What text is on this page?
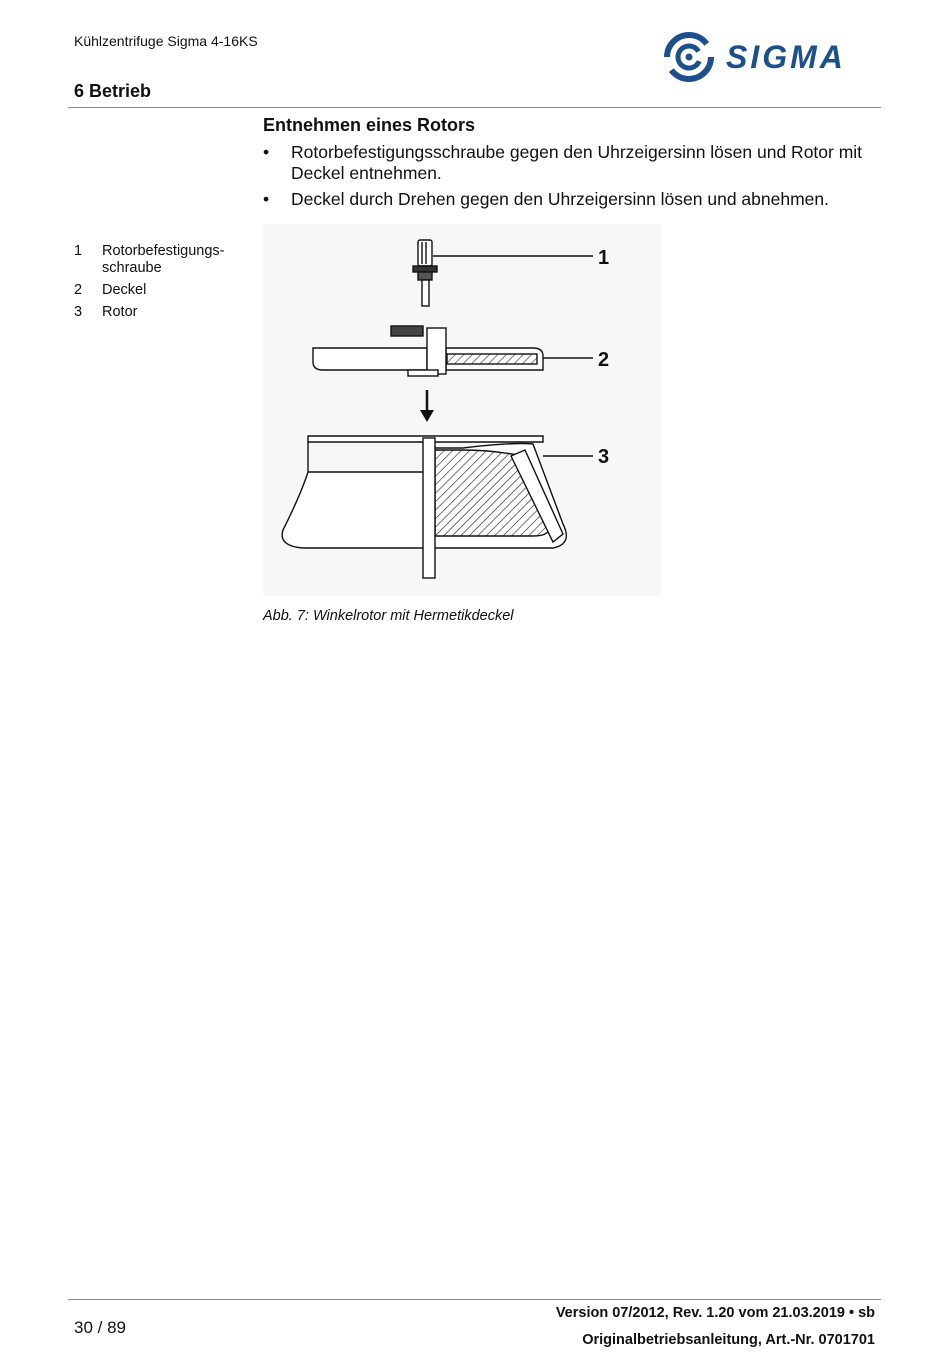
Kühlzentrifuge Sigma 4-16KS	SIGMA
6 Betrieb
Entnehmen eines Rotors
• Rotorbefestigungsschraube gegen den Uhrzeigersinn lösen und Rotor mit Deckel entnehmen.
• Deckel durch Drehen gegen den Uhrzeigersinn lösen und abnehmen.
1 Rotorbefestigungs-
schraube
2 Deckel
3 Rotor
1
2
3
Abb. 7: Winkelrotor mit Hermetikdeckel
30 / 89
Version 07/2012, Rev. 1.20 vom 21.03.2019 • sb
Originalbetriebsanleitung, Art.-Nr. 0701701
